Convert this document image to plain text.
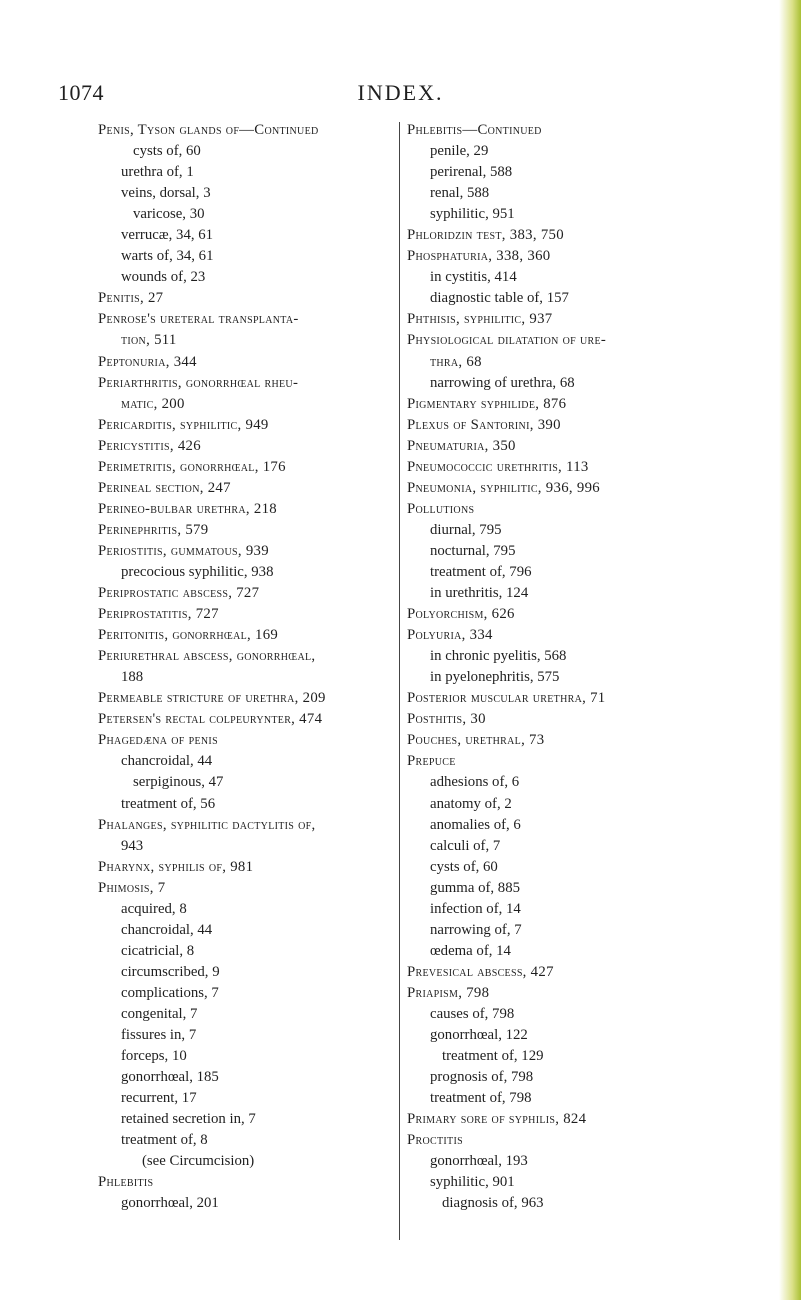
1074	INDEX.
Penis, Tyson glands of—Continued
cysts of, 60
urethra of, 1
veins, dorsal, 3
varicose, 30
verrucæ, 34, 61
warts of, 34, 61
wounds of, 23
Penitis, 27
Penrose's ureteral transplanta-
tion, 511
Peptonuria, 344
Periarthritis, gonorrhœal rheu-
matic, 200
Pericarditis, syphilitic, 949
Pericystitis, 426
Perimetritis, gonorrhœal, 176
Perineal section, 247
Perineo-bulbar urethra, 218
Perinephritis, 579
Periostitis, gummatous, 939
precocious syphilitic, 938
Periprostatic abscess, 727
Periprostatitis, 727
Peritonitis, gonorrhœal, 169
Periurethral abscess, gonorrhœal,
188
Permeable stricture of urethra, 209
Petersen's rectal colpeurynter, 474
Phagedæna of penis
chancroidal, 44
serpiginous, 47
treatment of, 56
Phalanges, syphilitic dactylitis of,
943
Pharynx, syphilis of, 981
Phimosis, 7
acquired, 8
chancroidal, 44
cicatricial, 8
circumscribed, 9
complications, 7
congenital, 7
fissures in, 7
forceps, 10
gonorrhœal, 185
recurrent, 17
retained secretion in, 7
treatment of, 8
(see Circumcision)
Phlebitis
gonorrhœal, 201
Phlebitis—Continued
penile, 29
perirenal, 588
renal, 588
syphilitic, 951
Phloridzin test, 383, 750
Phosphaturia, 338, 360
in cystitis, 414
diagnostic table of, 157
Phthisis, syphilitic, 937
Physiological dilatation of ure-
thra, 68
narrowing of urethra, 68
Pigmentary syphilide, 876
Plexus of Santorini, 390
Pneumaturia, 350
Pneumococcic urethritis, 113
Pneumonia, syphilitic, 936, 996
Pollutions
diurnal, 795
nocturnal, 795
treatment of, 796
in urethritis, 124
Polyorchism, 626
Polyuria, 334
in chronic pyelitis, 568
in pyelonephritis, 575
Posterior muscular urethra, 71
Posthitis, 30
Pouches, urethral, 73
Prepuce
adhesions of, 6
anatomy of, 2
anomalies of, 6
calculi of, 7
cysts of, 60
gumma of, 885
infection of, 14
narrowing of, 7
œdema of, 14
Prevesical abscess, 427
Priapism, 798
causes of, 798
gonorrhœal, 122
treatment of, 129
prognosis of, 798
treatment of, 798
Primary sore of syphilis, 824
Proctitis
gonorrhœal, 193
syphilitic, 901
diagnosis of, 963
